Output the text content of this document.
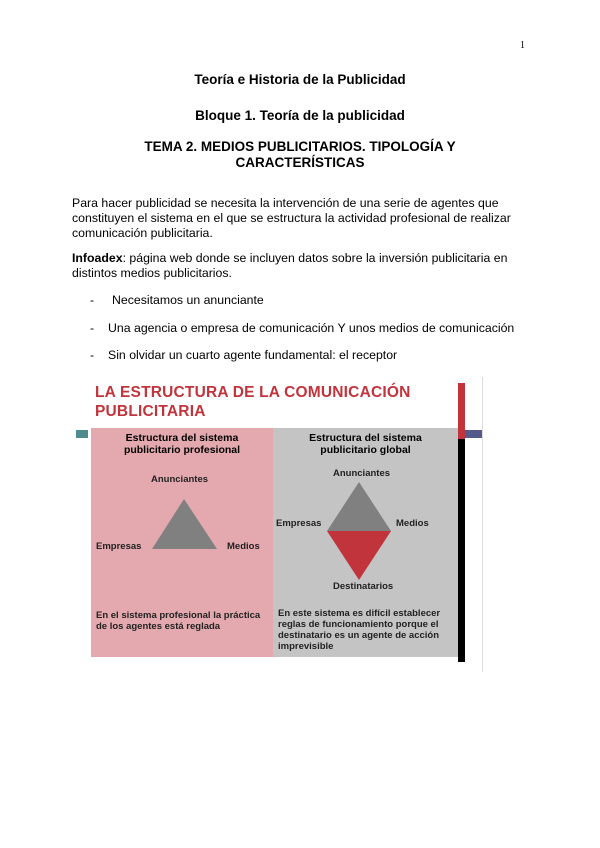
1
Teoría e Historia de la Publicidad
Bloque 1. Teoría de la publicidad
TEMA 2. MEDIOS PUBLICITARIOS. TIPOLOGÍA Y
CARACTERÍSTICAS
Para hacer publicidad se necesita la intervención de una serie de agentes que constituyen el sistema en el que se estructura la actividad profesional de realizar comunicación publicitaria.
Infoadex: página web donde se incluyen datos sobre la inversión publicitaria en distintos medios publicitarios.
-	Necesitamos un anunciante
-	Una agencia o empresa de comunicación Y unos medios de comunicación
-	Sin olvidar un cuarto agente fundamental: el receptor
LA ESTRUCTURA DE LA COMUNICACIÓN
PUBLICITARIA
Estructura del sistema
publicitario profesional
Anunciantes
Empresas	Medios
En el sistema profesional la práctica de los agentes está reglada
Estructura del sistema
publicitario global
Anunciantes
Empresas	Medios
Destinatarios
En este sistema es difícil establecer reglas de funcionamiento porque el destinatario es un agente de acción imprevisible
